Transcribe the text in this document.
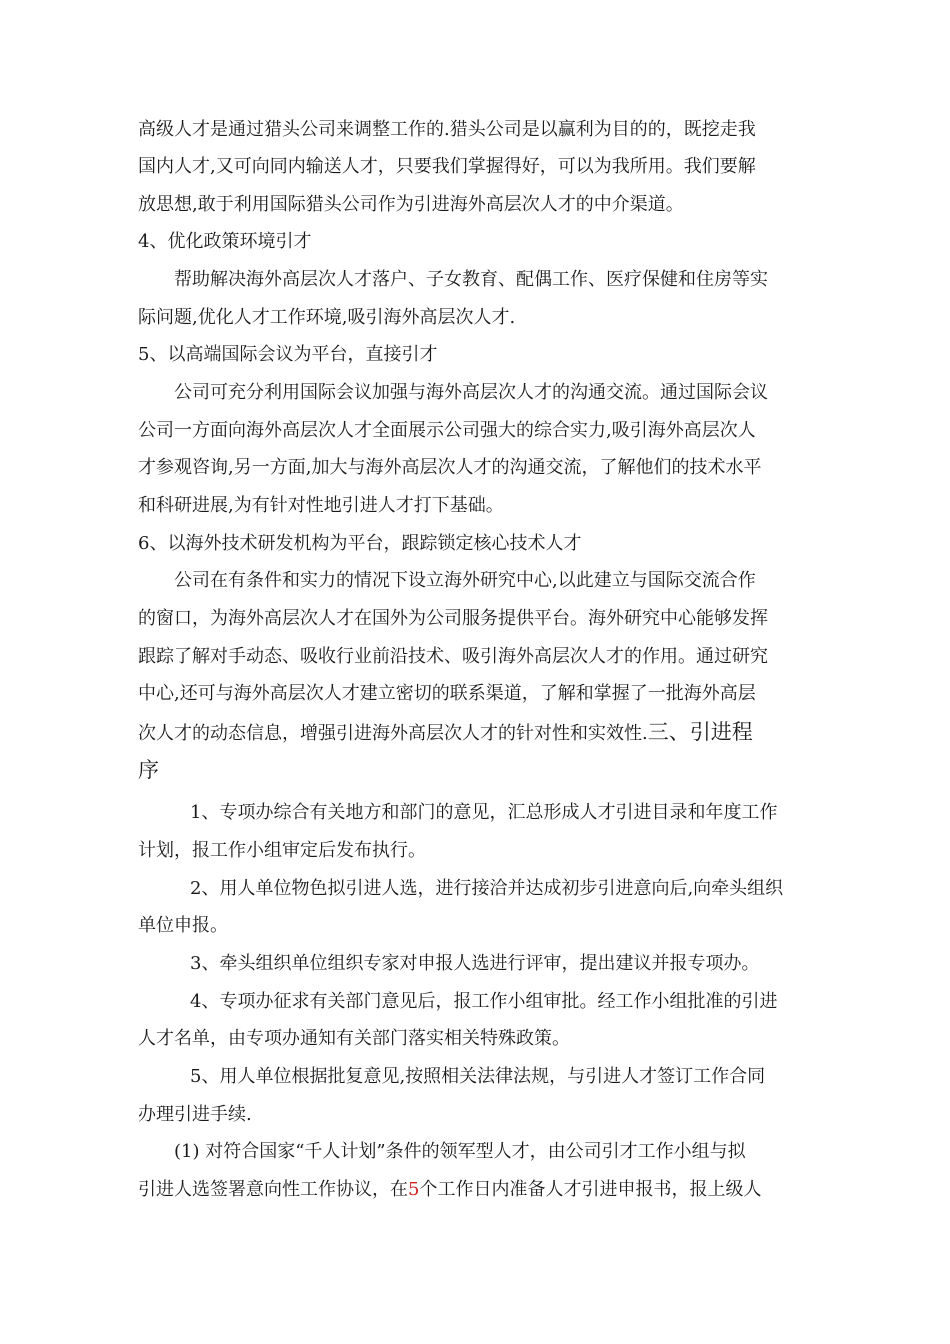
高级人才是通过猎头公司来调整工作的.猎头公司是以赢利为目的的，既挖走我
国内人才,又可向同内输送人才，只要我们掌握得好，可以为我所用。我们要解
放思想,敢于利用国际猎头公司作为引进海外高层次人才的中介渠道。
4、优化政策环境引才
帮助解决海外高层次人才落户、子女教育、配偶工作、医疗保健和住房等实
际问题,优化人才工作环境,吸引海外高层次人才.
5、以高端国际会议为平台，直接引才
公司可充分利用国际会议加强与海外高层次人才的沟通交流。通过国际会议
公司一方面向海外高层次人才全面展示公司强大的综合实力,吸引海外高层次人
才参观咨询,另一方面,加大与海外高层次人才的沟通交流，了解他们的技术水平
和科研进展,为有针对性地引进人才打下基础。
6、以海外技术研发机构为平台，跟踪锁定核心技术人才
公司在有条件和实力的情况下设立海外研究中心,以此建立与国际交流合作
的窗口，为海外高层次人才在国外为公司服务提供平台。海外研究中心能够发挥
跟踪了解对手动态、吸收行业前沿技术、吸引海外高层次人才的作用。通过研究
中心,还可与海外高层次人才建立密切的联系渠道，了解和掌握了一批海外高层
次人才的动态信息，增强引进海外高层次人才的针对性和实效性.三、引进程
序
1、专项办综合有关地方和部门的意见，汇总形成人才引进目录和年度工作
计划，报工作小组审定后发布执行。
2、用人单位物色拟引进人选，进行接洽并达成初步引进意向后,向牵头组织
单位申报。
3、牵头组织单位组织专家对申报人选进行评审，提出建议并报专项办。
4、专项办征求有关部门意见后，报工作小组审批。经工作小组批准的引进
人才名单，由专项办通知有关部门落实相关特殊政策。
5、用人单位根据批复意见,按照相关法律法规，与引进人才签订工作合同
办理引进手续.
(1) 对符合国家“千人计划”条件的领军型人才，由公司引才工作小组与拟
引进人选签署意向性工作协议，在5个工作日内准备人才引进申报书，报上级人
